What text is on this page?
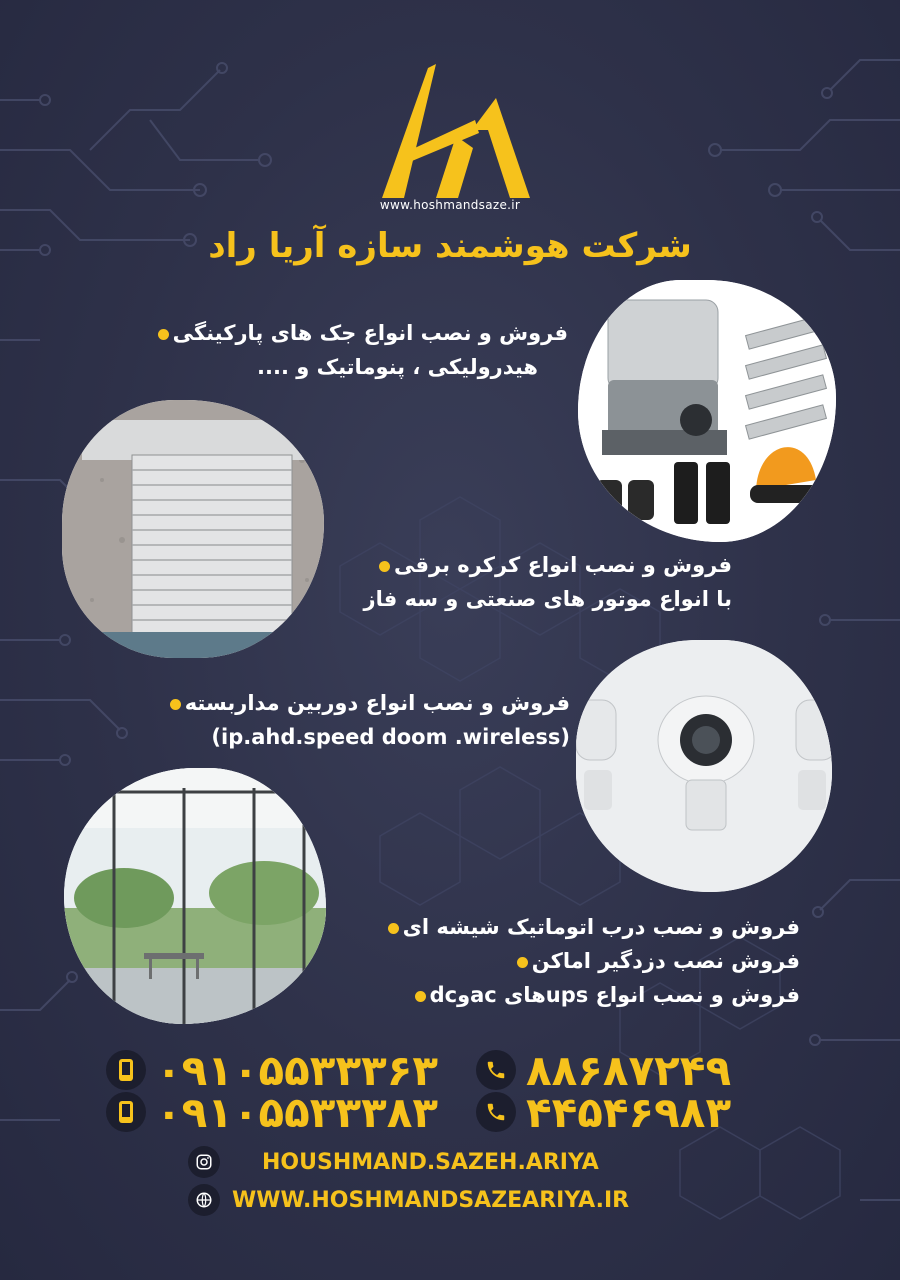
www.hoshmandsaze.ir
شرکت هوشمند سازه آریا راد
فروش و نصب انواع جک های پارکینگی
هیدرولیکی ، پنوماتیک و ....
فروش و نصب انواع کرکره برقی
با انواع موتور های صنعتی و سه فاز
فروش و نصب انواع دوربین مداربسته
(ip.ahd.speed doom .wireless)
فروش و نصب درب اتوماتیک شیشه ای
فروش نصب دزدگیر اماکن
فروش و نصب انواع upsهای acوdc
۰۹۱۰۵۵۳۳۳۶۳ ۸۸۶۸۷۲۴۹
۰۹۱۰۵۵۳۳۳۸۳ ۴۴۵۴۶۹۸۳
HOUSHMAND.SAZEH.ARIYA
WWW.HOSHMANDSAZEARIYA.IR
